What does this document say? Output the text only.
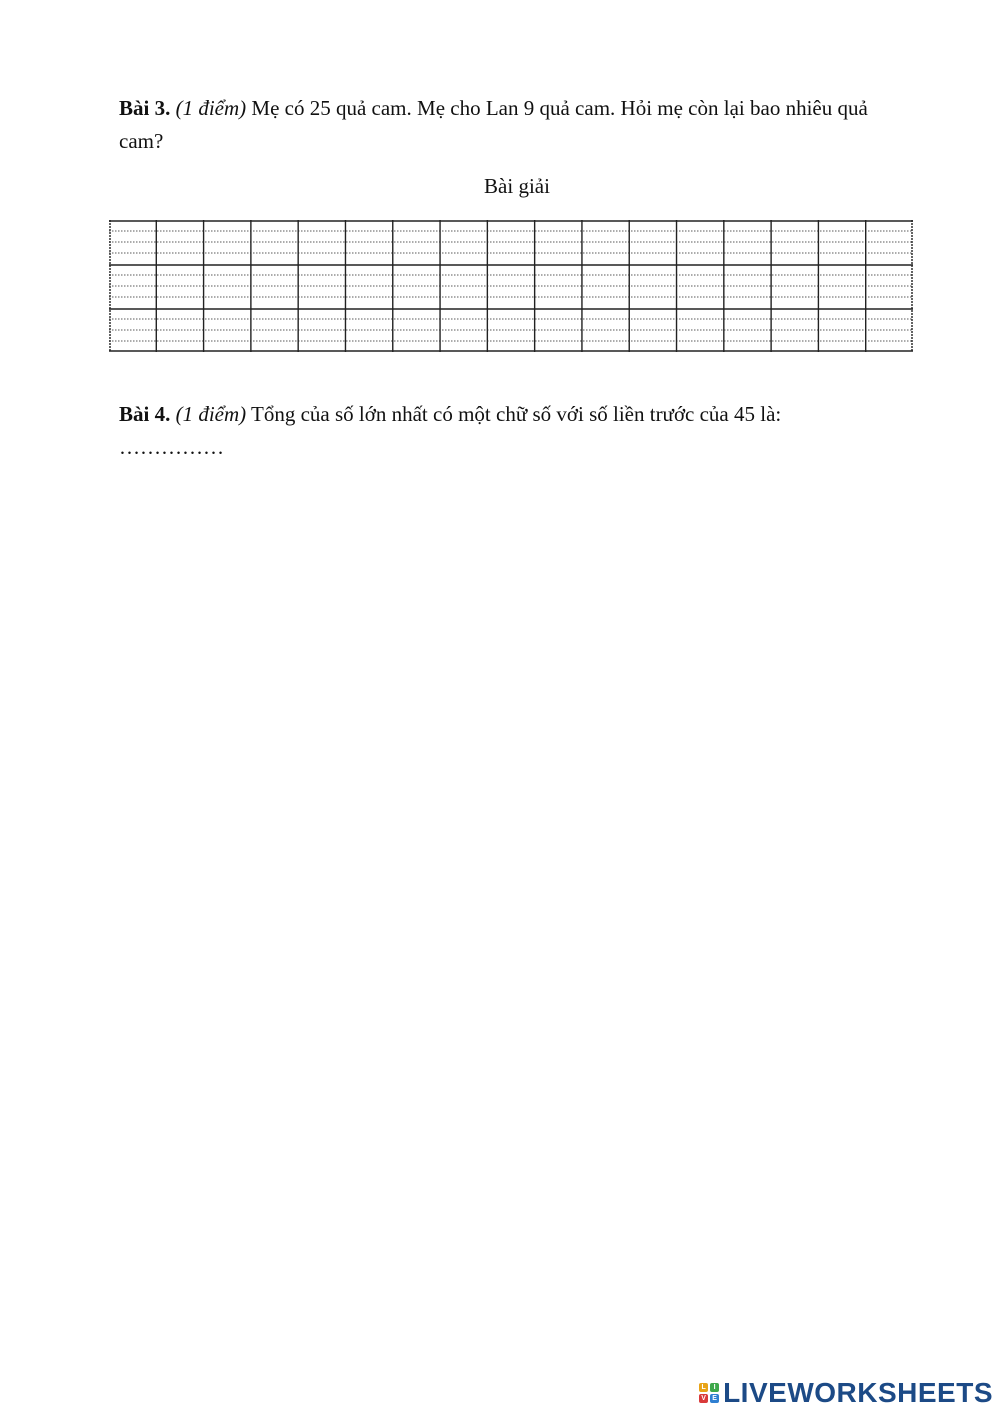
Bài 3. (1 điểm) Mẹ có 25 quả cam. Mẹ cho Lan 9 quả cam. Hỏi mẹ còn lại bao nhiêu quả cam?

Bài giải

Bài 4. (1 điểm) Tổng của số lớn nhất có một chữ số với số liền trước của 45 là:
……………

L	I
V E LIVEWORKSHEETS
